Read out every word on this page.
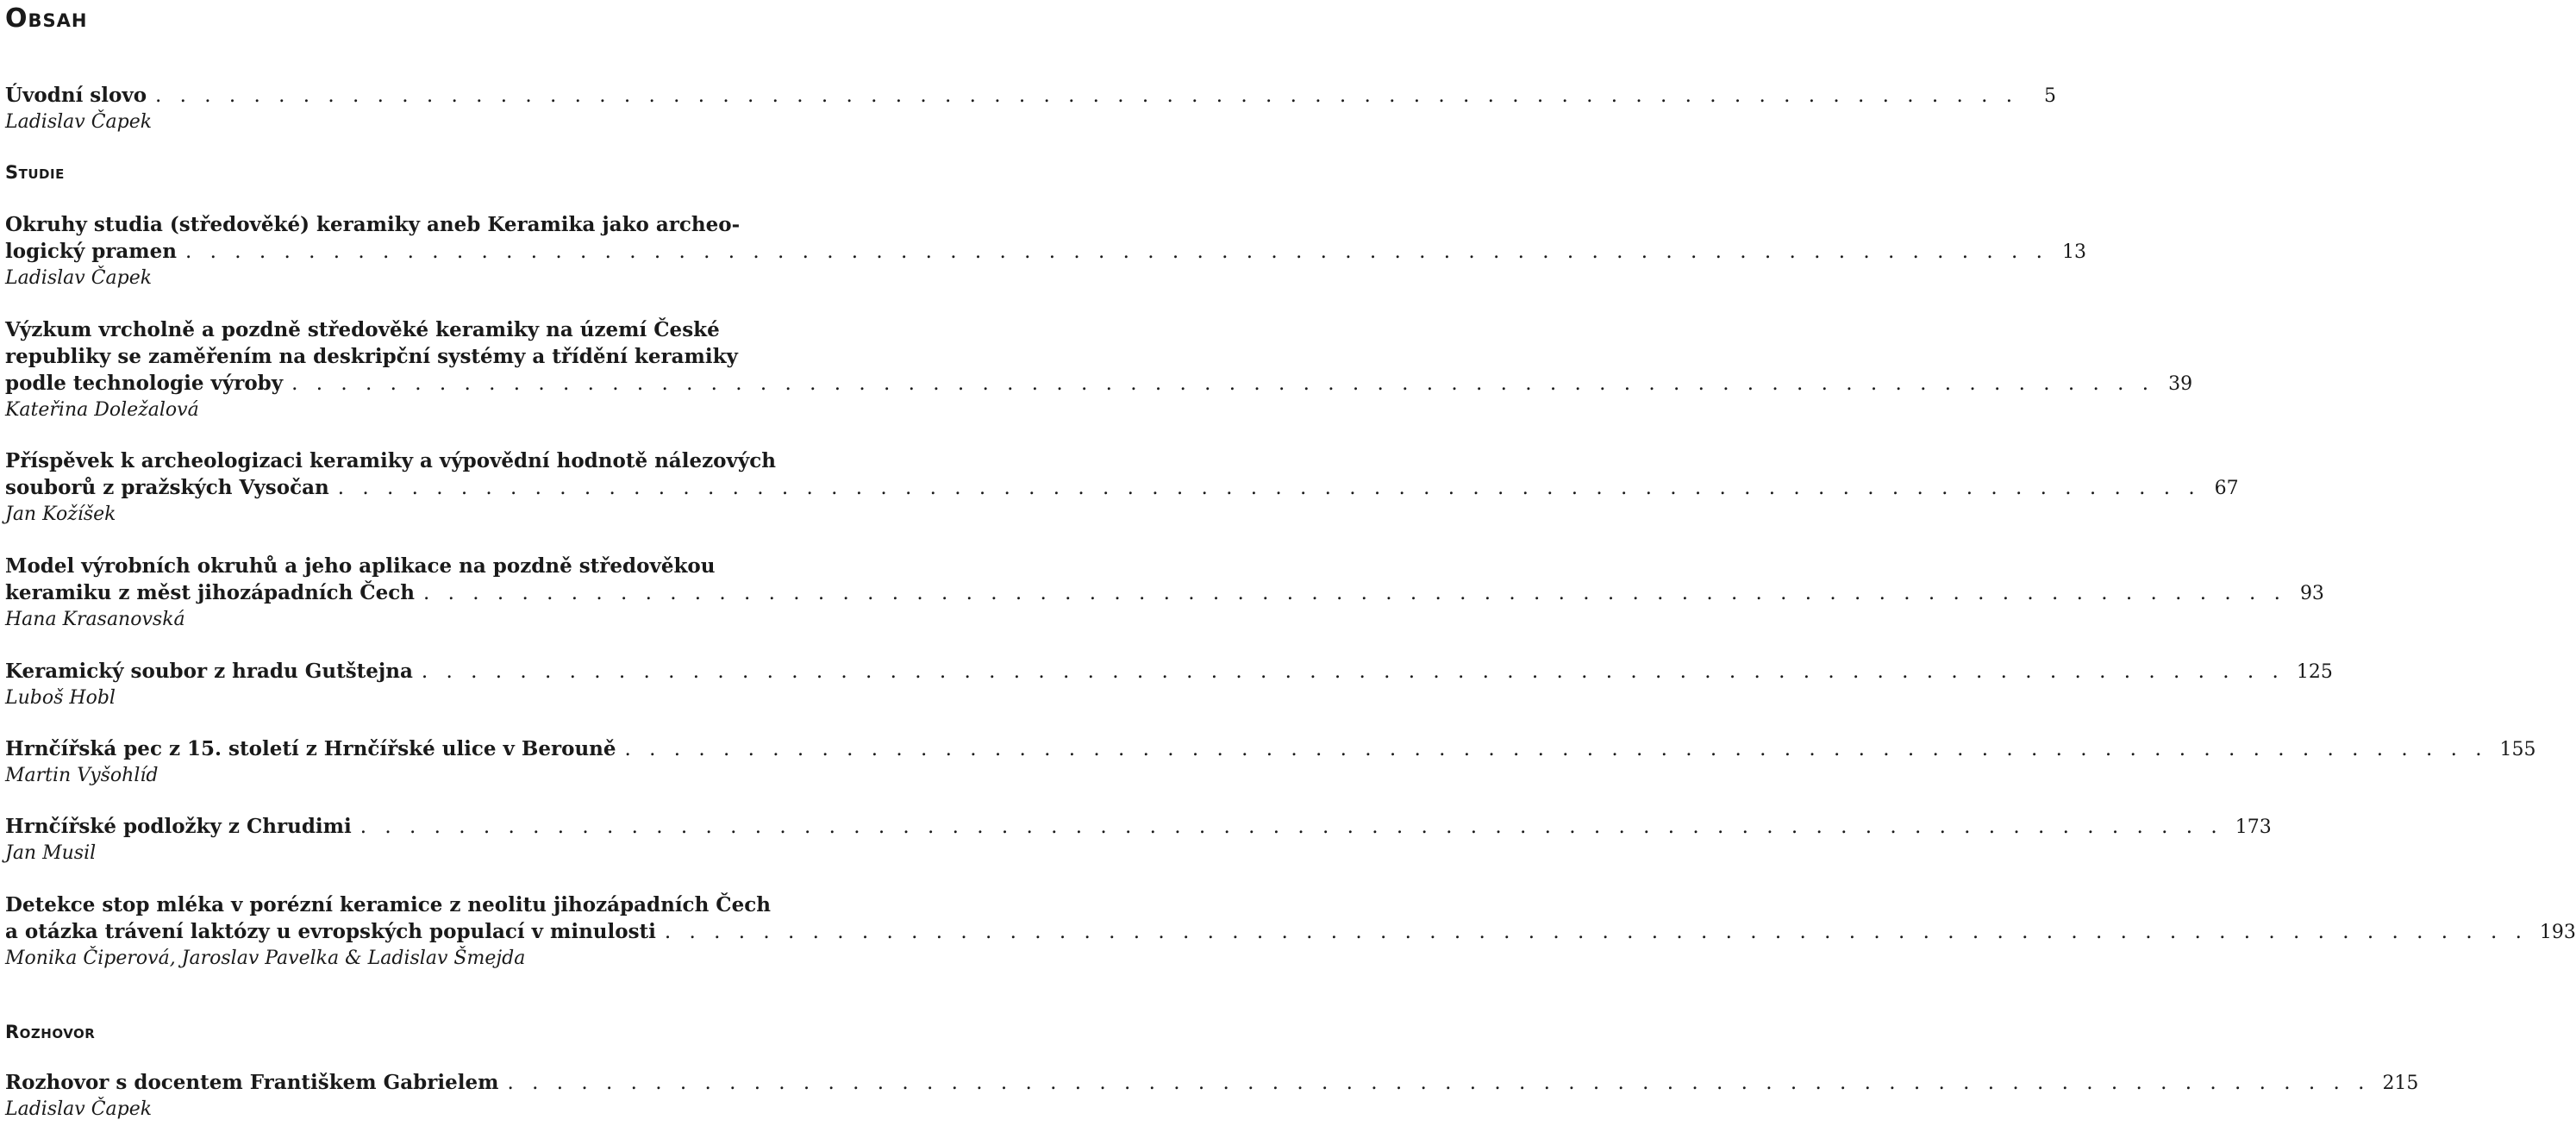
Obsah
Studie
Rozhovor
Úvodní slovo . . . . . . . . . . . . . . . . . . . . . . . . . . . . . . . . . . . . . . . . . . . . . . . . . . . . . . . . . . . . . . . . . . . . . . . . . . . .	5
Ladislav Čapek
Okruhy studia (středověké) keramiky aneb Keramika jako archeo-
logický pramen . . . . . . . . . . . . . . . . . . . . . . . . . . . . . . . . . . . . . . . . . . . . . . . . . . . . . . . . . . . . . . . . . . . . . . . . . . . . 13
Ladislav Čapek
Výzkum vrcholně a pozdně středověké keramiky na území České
republiky se zaměřením na deskripční systémy a třídění keramiky
podle technologie výroby . . . . . . . . . . . . . . . . . . . . . . . . . . . . . . . . . . . . . . . . . . . . . . . . . . . . . . . . . . . . . . . . . . . . . . . . . . . . 39
Kateřina Doležalová
Příspěvek k archeologizaci keramiky a výpovědní hodnotě nálezových
souborů z pražských Vysočan . . . . . . . . . . . . . . . . . . . . . . . . . . . . . . . . . . . . . . . . . . . . . . . . . . . . . . . . . . . . . . . . . . . . . . . . . . . . 67
Jan Kožíšek
Model výrobních okruhů a jeho aplikace na pozdně středověkou
keramiku z měst jihozápadních Čech . . . . . . . . . . . . . . . . . . . . . . . . . . . . . . . . . . . . . . . . . . . . . . . . . . . . . . . . . . . . . . . . . . . . . . . . . . . . 93
Hana Krasanovská
Keramický soubor z hradu Gutštejna . . . . . . . . . . . . . . . . . . . . . . . . . . . . . . . . . . . . . . . . . . . . . . . . . . . . . . . . . . . . . . . . . . . . . . . . . . . . 125
Luboš Hobl
Hrnčířská pec z 15. století z Hrnčířské ulice v Berouně . . . . . . . . . . . . . . . . . . . . . . . . . . . . . . . . . . . . . . . . . . . . . . . . . . . . . . . . . . . . . . . . . . . . . . . . . . . . 155
Martin Vyšohlíd
Hrnčířské podložky z Chrudimi . . . . . . . . . . . . . . . . . . . . . . . . . . . . . . . . . . . . . . . . . . . . . . . . . . . . . . . . . . . . . . . . . . . . . . . . . . . . 173
Jan Musil
Detekce stop mléka v porézní keramice z neolitu jihozápadních Čech
a otázka trávení laktózy u evropských populací v minulosti . . . . . . . . . . . . . . . . . . . . . . . . . . . . . . . . . . . . . . . . . . . . . . . . . . . . . . . . . . . . . . . . . . . . . . . . . . . . 193
Monika Čiperová, Jaroslav Pavelka & Ladislav Šmejda
Rozhovor s docentem Františkem Gabrielem . . . . . . . . . . . . . . . . . . . . . . . . . . . . . . . . . . . . . . . . . . . . . . . . . . . . . . . . . . . . . . . . . . . . . . . . . . . . 215
Ladislav Čapek
